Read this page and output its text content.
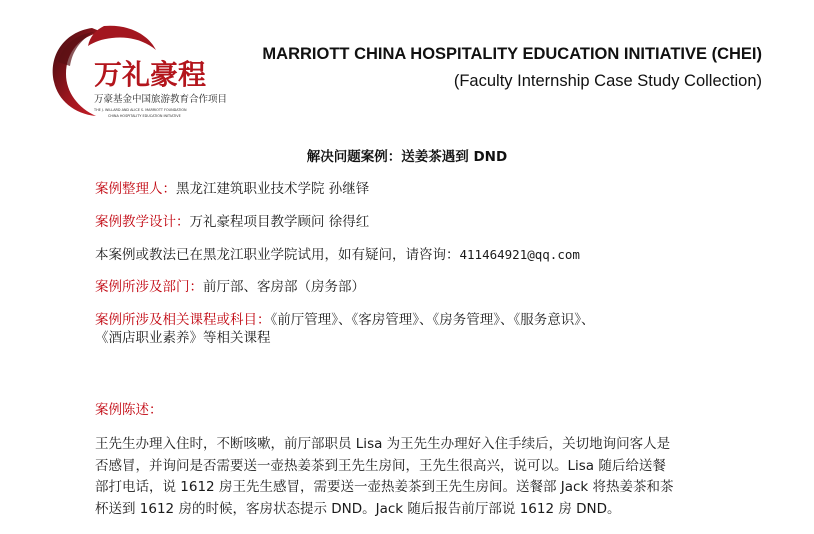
万礼豪程
万豪基金中国旅游教育合作项目
THE J. WILLARD AND ALICE S. MARRIOTT FOUNDATION
CHINA HOSPITALITY EDUCATION INITIATIVE
MARRIOTT CHINA HOSPITALITY EDUCATION INITIATIVE (CHEI)
(Faculty Internship Case Study Collection)
解决问题案例：送姜茶遇到 DND
案例整理人：黑龙江建筑职业技术学院 孙继铎
案例教学设计：万礼豪程项目教学顾问 徐得红
本案例或教法已在黑龙江职业学院试用，如有疑问，请咨询：411464921@qq.com
案例所涉及部门：前厅部、客房部（房务部）
案例所涉及相关课程或科目：《前厅管理》、《客房管理》、《房务管理》、《服务意识》、
《酒店职业素养》等相关课程
案例陈述：
王先生办理入住时，不断咳嗽，前厅部职员 Lisa 为王先生办理好入住手续后，关切地询问客人是
否感冒，并询问是否需要送一壶热姜茶到王先生房间，王先生很高兴，说可以。Lisa 随后给送餐
部打电话，说 1612 房王先生感冒，需要送一壶热姜茶到王先生房间。送餐部 Jack 将热姜茶和茶
杯送到 1612 房的时候，客房状态提示 DND。Jack 随后报告前厅部说 1612 房 DND。
